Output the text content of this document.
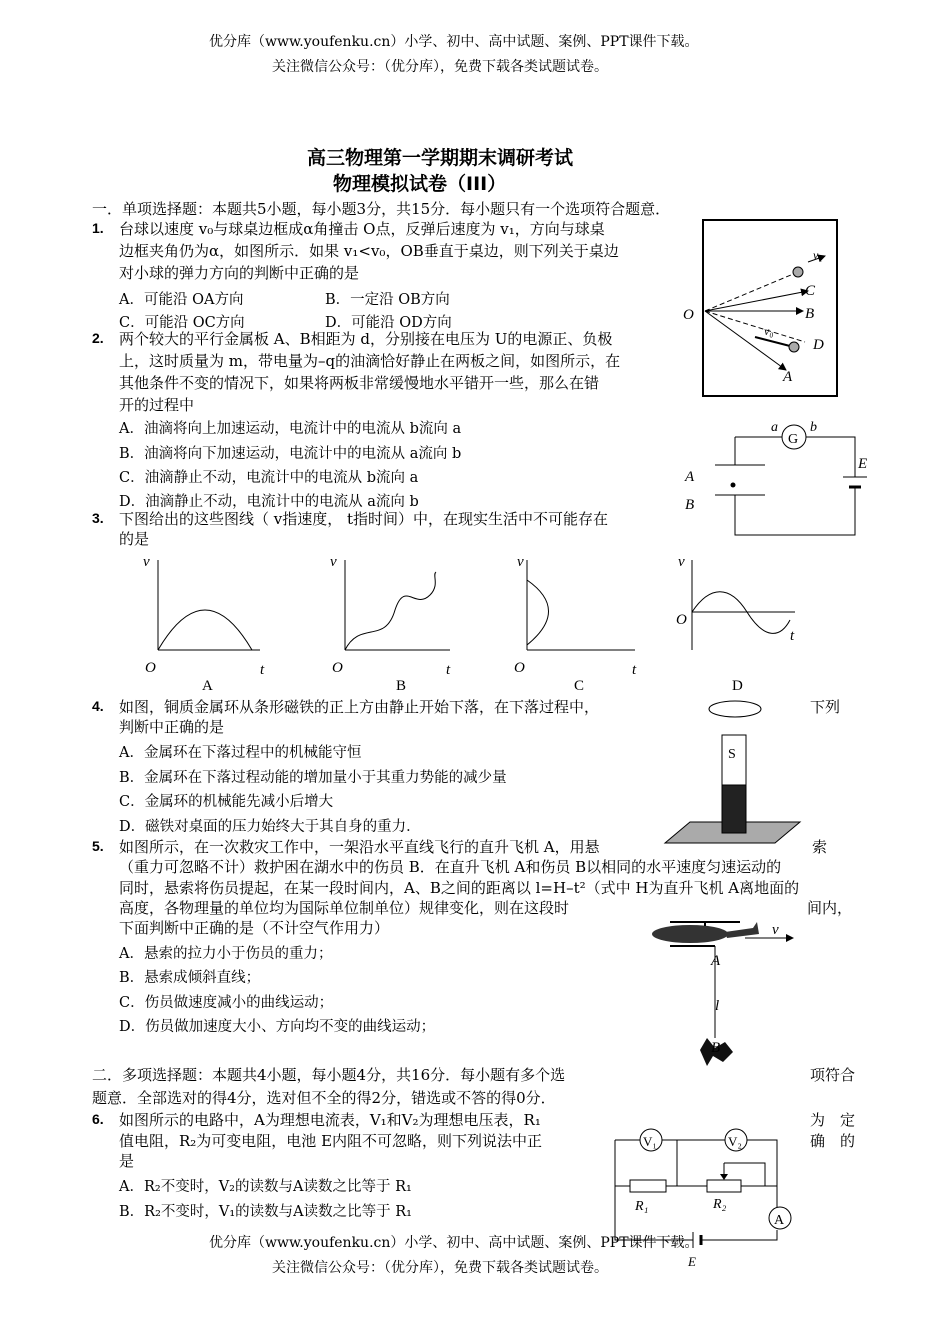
优分库（www.youfenku.cn）小学、初中、高中试题、案例、PPT课件下载。
关注微信公众号：（优分库），免费下载各类试题试卷。
高三物理第一学期期末调研考试
物理模拟试卷（III）
一．单项选择题：本题共5小题，每小题3分，共15分．每小题只有一个选项符合题意．
1. 台球以速度 v₀与球桌边框成α角撞击 O点，反弹后速度为 v₁，方向与球桌
边框夹角仍为α，如图所示．如果 v₁<v₀，OB垂直于桌边，则下列关于桌边
对小球的弹力方向的判断中正确的是
A．可能沿 OA方向	B．一定沿 OB方向
C．可能沿 OC方向	D．可能沿 OD方向	O
v₁
C
B
v₀
D
A
2. 两个较大的平行金属板 A、B相距为 d，分别接在电压为 U的电源正、负极
上，这时质量为 m，带电量为–q的油滴恰好静止在两板之间，如图所示，在
其他条件不变的情况下，如果将两板非常缓慢地水平错开一些，那么在错
开的过程中
A．油滴将向上加速运动，电流计中的电流从 b流向 a
B．油滴将向下加速运动，电流计中的电流从 a流向 b
C．油滴静止不动，电流计中的电流从 b流向 a
D．油滴静止不动，电流计中的电流从 a流向 b
G
a b
E
A
B
3. 下图给出的这些图线（ v指速度， t指时间）中，在现实生活中不可能存在
的是
v
O	t
A
v
O	t
B
v
O	t
C
v
O
t
D
4. 如图，铜质金属环从条形磁铁的正上方由静止开始下落，在下落过程中，	下列
判断中正确的是
A．金属环在下落过程中的机械能守恒
B．金属环在下落过程动能的增加量小于其重力势能的减少量
C．金属环的机械能先减小后增大
D．磁铁对桌面的压力始终大于其自身的重力．
S
5. 如图所示，在一次救灾工作中，一架沿水平直线飞行的直升飞机 A，用悬	索
（重力可忽略不计）救护困在湖水中的伤员 B．在直升飞机 A和伤员 B以相同的水平速度匀速运动的
同时，悬索将伤员提起，在某一段时间内，A、B之间的距离以 l=H–t²（式中 H为直升飞机 A离地面的
高度，各物理量的单位均为国际单位制单位）规律变化，则在这段时	间内，
下面判断中正确的是（不计空气作用力）
A．悬索的拉力小于伤员的重力；
B．悬索成倾斜直线；
C．伤员做速度减小的曲线运动；
D．伤员做加速度大小、方向均不变的曲线运动；
v
A
l
B
二．多项选择题：本题共4小题，每小题4分，共16分．每小题有多个选	项符合
题意．全部选对的得4分，选对但不全的得2分，错选或不答的得0分．
6. 如图所示的电路中，A为理想电流表，V₁和V₂为理想电压表，R₁	为　定
值电阻，R₂为可变电阻，电池 E内阻不可忽略，则下列说法中正	确　的
是
A．R₂不变时，V₂的读数与A读数之比等于 R₁
B．R₂不变时，V₁的读数与A读数之比等于 R₁
V₁	V₂
R₁	R₂
A
E
优分库（www.youfenku.cn）小学、初中、高中试题、案例、PPT课件下载。
关注微信公众号：（优分库），免费下载各类试题试卷。
